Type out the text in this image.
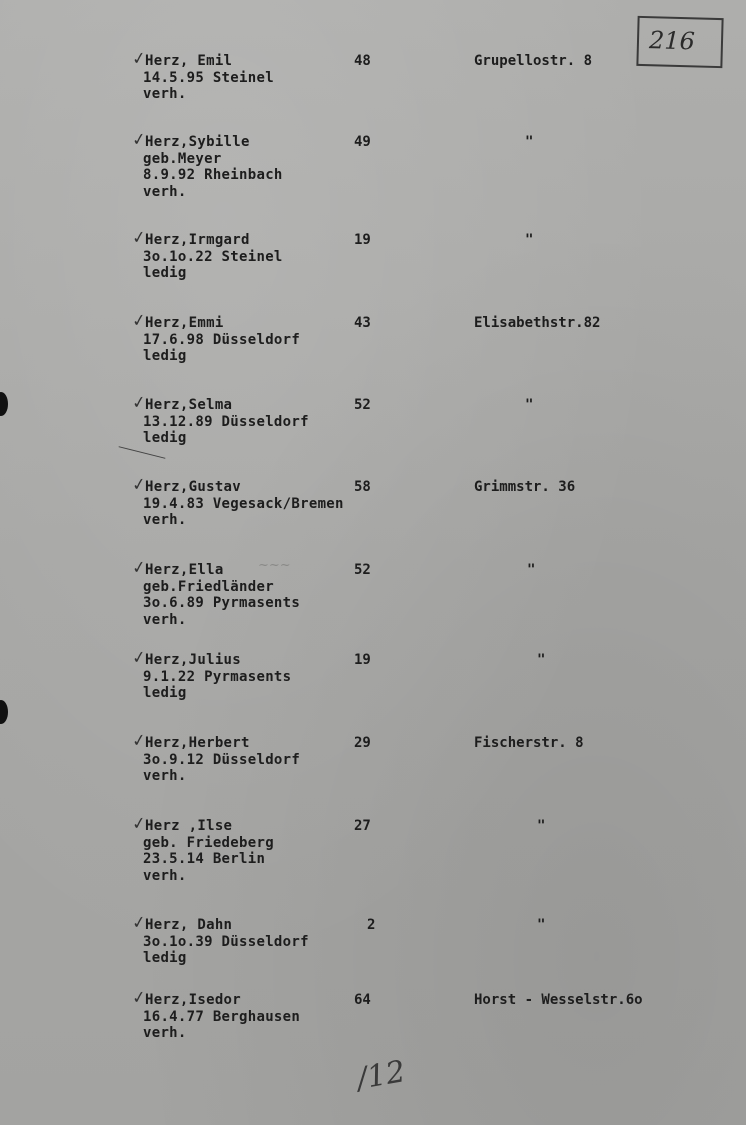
216
~~~
✓
Herz, Emil
14.5.95 Steinel
verh.
48	Grupellostr. 8
✓
Herz,Sybille
geb.Meyer
8.9.92 Rheinbach
verh.
49	"
✓
Herz,Irmgard
3o.1o.22 Steinel
ledig
19	"
✓
Herz,Emmi
17.6.98 Düsseldorf
ledig
43	Elisabethstr.82
✓
Herz,Selma
13.12.89 Düsseldorf
ledig
52	"
✓
Herz,Gustav
19.4.83 Vegesack/Bremen
verh.
58	Grimmstr. 36
✓
Herz,Ella
geb.Friedländer
3o.6.89 Pyrmasents
verh.
52	"
✓
Herz,Julius
9.1.22 Pyrmasents
ledig
19	"
✓
Herz,Herbert
3o.9.12 Düsseldorf
verh.
29	Fischerstr. 8
✓
Herz ,Ilse
geb. Friedeberg
23.5.14 Berlin
verh.
27	"
✓
Herz, Dahn
3o.1o.39 Düsseldorf
ledig
2	"
✓
Herz,Isedor
16.4.77 Berghausen
verh.
64	Horst - Wesselstr.6o
/12
